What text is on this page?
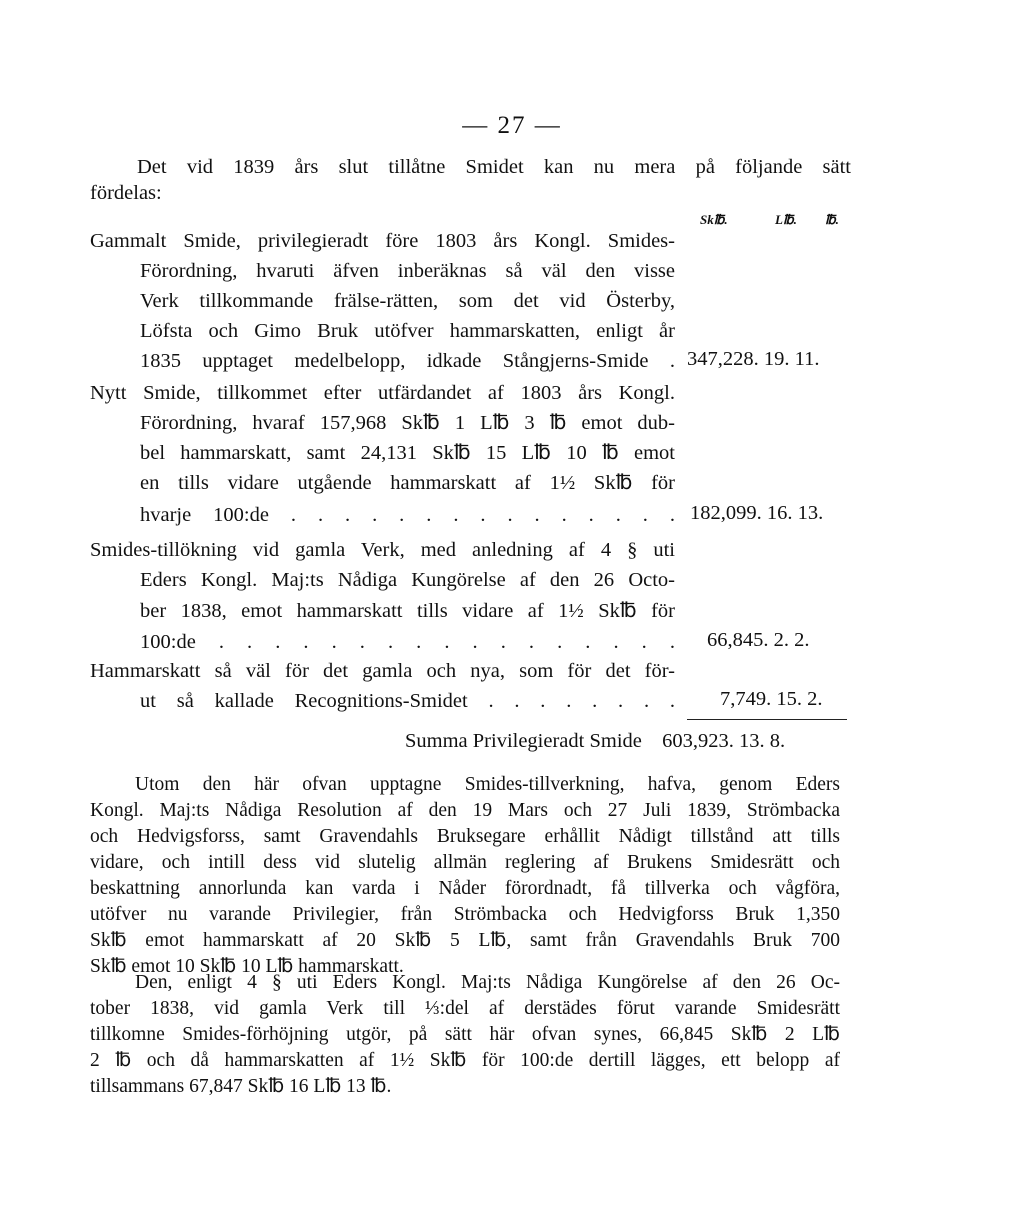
— 27 —
Det vid 1839 års slut tillåtne Smidet kan nu mera på följande sätt
fördelas:
Sk℔.	L℔. ℔.
Gammalt Smide, privilegieradt före 1803 års Kongl. Smides-
Förordning, hvaruti äfven inberäknas så väl den visse
Verk tillkommande frälse-rätten, som det vid Österby,
Löfsta och Gimo Bruk utöfver hammarskatten, enligt år
1835 upptaget medelbelopp, idkade Stångjerns-Smide . 347,228. 19. 11.
Nytt Smide, tillkommet efter utfärdandet af 1803 års Kongl.
Förordning, hvaraf 157,968 Sk℔ 1 L℔ 3 ℔ emot dub-
bel hammarskatt, samt 24,131 Sk℔ 15 L℔ 10 ℔ emot
en tills vidare utgående hammarskatt af 1½ Sk℔ för
hvarje 100:de . . . . . . . . . . . . . . . 182,099. 16. 13.
Smides-tillökning vid gamla Verk, med anledning af 4 § uti
Eders Kongl. Maj:ts Nådiga Kungörelse af den 26 Octo-
ber 1838, emot hammarskatt tills vidare af 1½ Sk℔ för
100:de . . . . . . . . . . . . . . . . . 66,845. 2. 2.
Hammarskatt så väl för det gamla och nya, som för det för-
ut så kallade Recognitions-Smidet . . . . . . . . 7,749. 15. 2.
Summa Privilegieradt Smide 603,923. 13. 8.
Utom den här ofvan upptagne Smides-tillverkning, hafva, genom Eders
Kongl. Maj:ts Nådiga Resolution af den 19 Mars och 27 Juli 1839, Strömbacka
och Hedvigsforss, samt Gravendahls Bruksegare erhållit Nådigt tillstånd att tills
vidare, och intill dess vid slutelig allmän reglering af Brukens Smidesrätt och
beskattning annorlunda kan varda i Nåder förordnadt, få tillverka och vågföra,
utöfver nu varande Privilegier, från Strömbacka och Hedvigforss Bruk 1,350
Sk℔ emot hammarskatt af 20 Sk℔ 5 L℔, samt från Gravendahls Bruk 700
Sk℔ emot 10 Sk℔ 10 L℔ hammarskatt.
Den, enligt 4 § uti Eders Kongl. Maj:ts Nådiga Kungörelse af den 26 Oc-
tober 1838, vid gamla Verk till ⅓:del af derstädes förut varande Smidesrätt
tillkomne Smides-förhöjning utgör, på sätt här ofvan synes, 66,845 Sk℔ 2 L℔
2 ℔ och då hammarskatten af 1½ Sk℔ för 100:de dertill lägges, ett belopp af
tillsammans 67,847 Sk℔ 16 L℔ 13 ℔.
